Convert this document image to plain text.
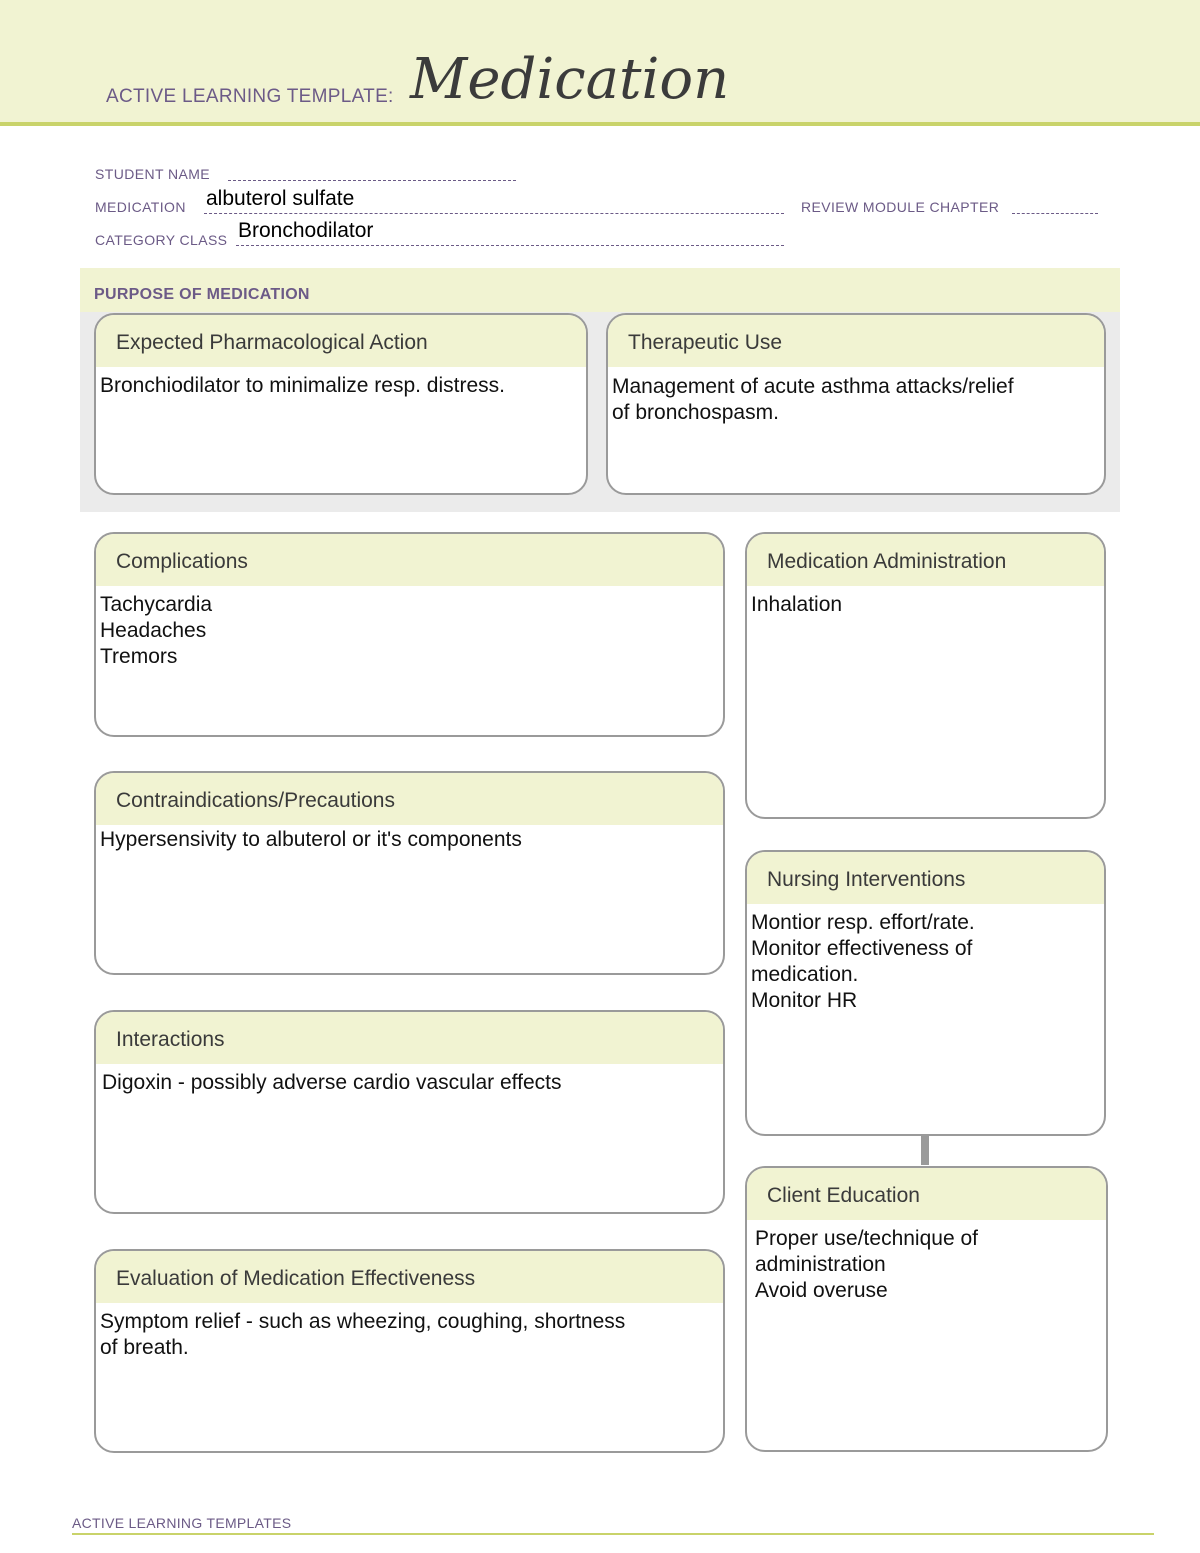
ACTIVE LEARNING TEMPLATE: Medication
STUDENT NAME
MEDICATION albuterol sulfate	REVIEW MODULE CHAPTER
CATEGORY CLASS Bronchodilator
PURPOSE OF MEDICATION
Expected Pharmacological Action
Bronchiodilator to minimalize resp. distress.
Therapeutic Use
Management of acute asthma attacks/relief
of bronchospasm.
Complications
Tachycardia
Headaches
Tremors
Medication Administration
Inhalation
Contraindications/Precautions
Hypersensivity to albuterol or it's components
Nursing Interventions
Montior resp. effort/rate.
Monitor effectiveness of
medication.
Monitor HR
Interactions
Digoxin - possibly adverse cardio vascular effects
Client Education
Proper use/technique of
administration
Avoid overuse
Evaluation of Medication Effectiveness
Symptom relief - such as wheezing, coughing, shortness
of breath.
ACTIVE LEARNING TEMPLATES
